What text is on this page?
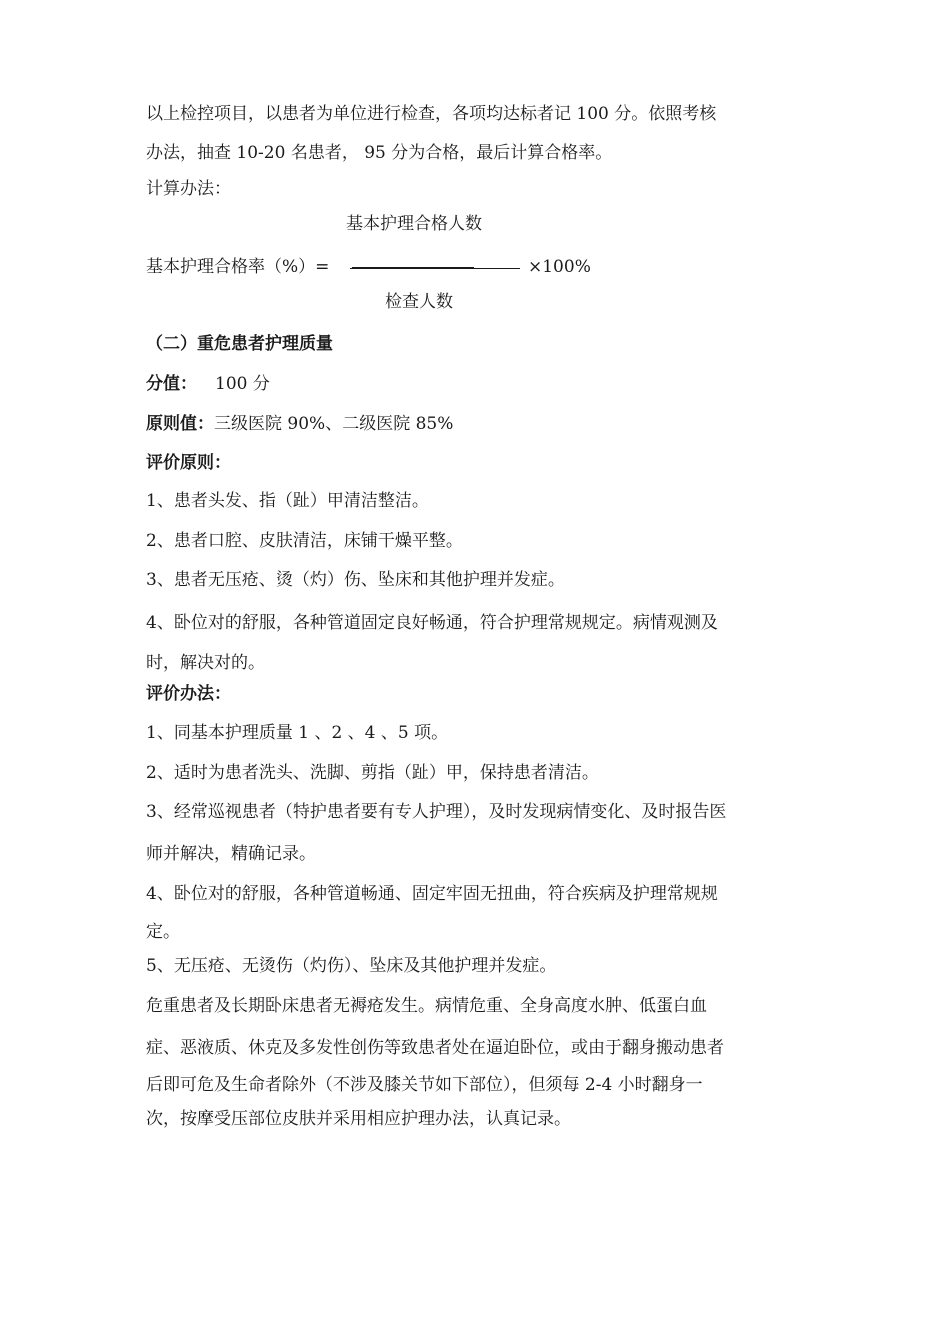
以上检控项目，以患者为单位进行检查，各项均达标者记 100 分。依照考核
办法，抽查 10-20 名患者， 95 分为合格，最后计算合格率。
计算办法：
基本护理合格人数
基本护理合格率（%）=	×100%
检查人数
（二）重危患者护理质量
分值： 100 分
原则值：三级医院 90%、二级医院 85%
评价原则：
1、患者头发、指（趾）甲清洁整洁。
2、患者口腔、皮肤清洁，床铺干燥平整。
3、患者无压疮、烫（灼）伤、坠床和其他护理并发症。
4、卧位对的舒服，各种管道固定良好畅通，符合护理常规规定。病情观测及
时，解决对的。
评价办法：
1、同基本护理质量 1 、2 、4 、5 项。
2、适时为患者洗头、洗脚、剪指（趾）甲，保持患者清洁。
3、经常巡视患者（特护患者要有专人护理），及时发现病情变化、及时报告医
师并解决，精确记录。
4、卧位对的舒服，各种管道畅通、固定牢固无扭曲，符合疾病及护理常规规
定。
5、无压疮、无烫伤（灼伤）、坠床及其他护理并发症。
危重患者及长期卧床患者无褥疮发生。病情危重、全身高度水肿、低蛋白血
症、恶液质、休克及多发性创伤等致患者处在逼迫卧位，或由于翻身搬动患者
后即可危及生命者除外（不涉及膝关节如下部位），但须每 2-4 小时翻身一
次，按摩受压部位皮肤并采用相应护理办法，认真记录。
